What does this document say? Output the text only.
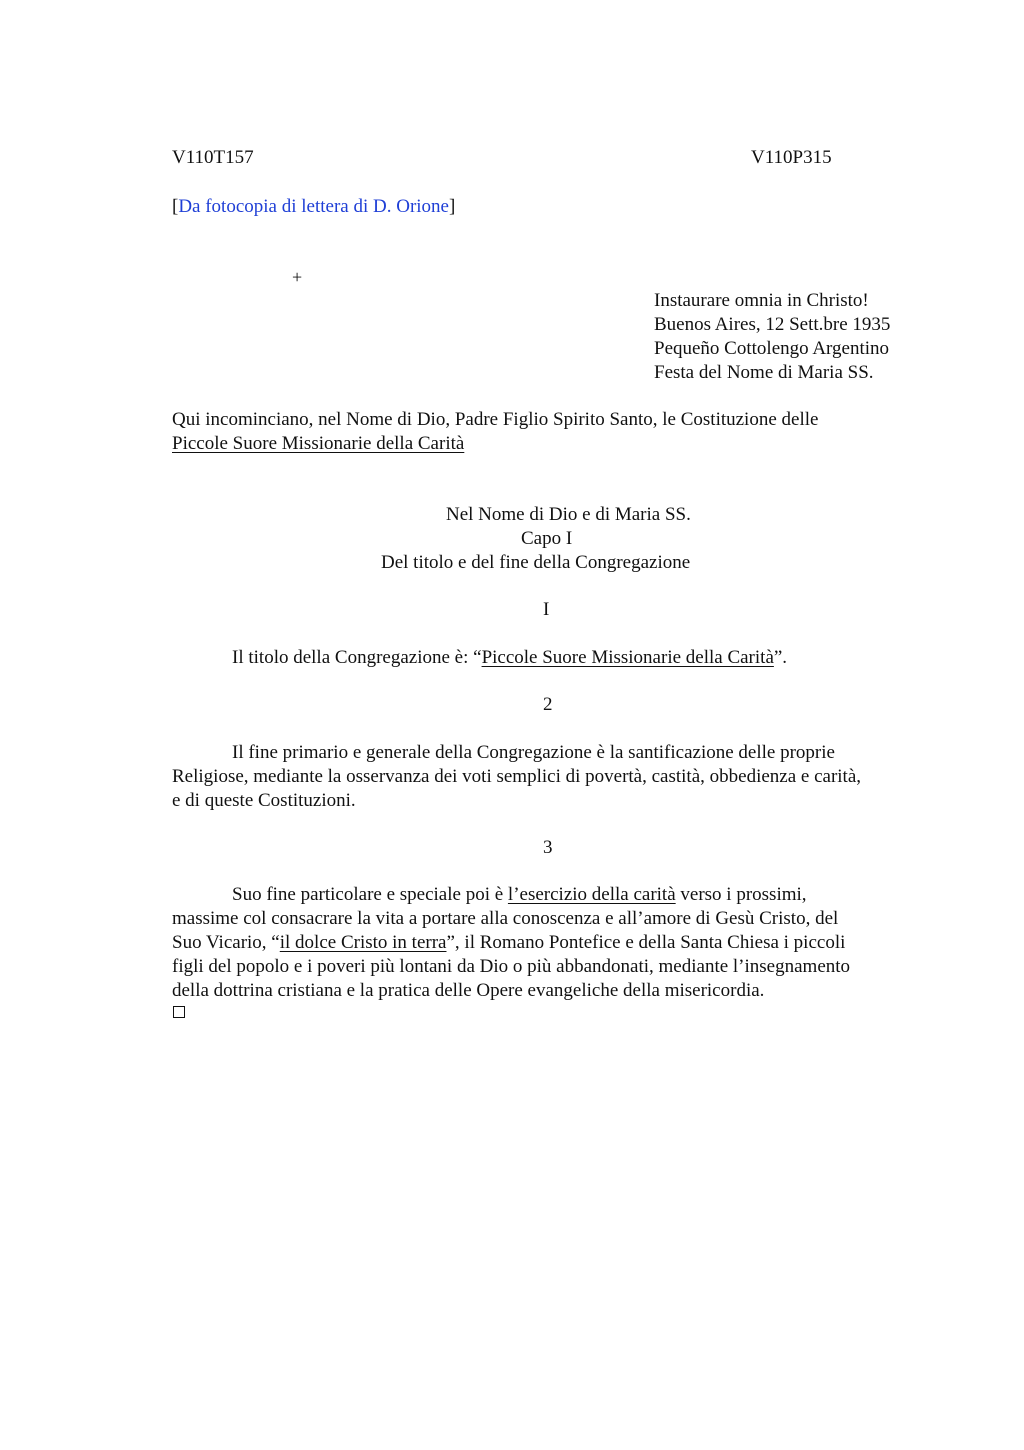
V110T157	V110P315
[Da fotocopia di lettera di D. Orione]
+
Instaurare omnia in Christo!
Buenos Aires, 12 Sett.bre 1935
Pequeño Cottolengo Argentino
Festa del Nome di Maria SS.
Qui incominciano, nel Nome di Dio, Padre Figlio Spirito Santo, le Costituzione delle
Piccole Suore Missionarie della Carità
Nel Nome di Dio e di Maria SS.
Capo I
Del titolo e del fine della Congregazione
I
Il titolo della Congregazione è: “Piccole Suore Missionarie della Carità”.
2
Il fine primario e generale della Congregazione è la santificazione delle proprie
Religiose, mediante la osservanza dei voti semplici di povertà, castità, obbedienza e carità,
e di queste Costituzioni.
3
Suo fine particolare e speciale poi è l’esercizio della carità verso i prossimi,
massime col consacrare la vita a portare alla conoscenza e all’amore di Gesù Cristo, del
Suo Vicario, “il dolce Cristo in terra”, il Romano Pontefice e della Santa Chiesa i piccoli
figli del popolo e i poveri più lontani da Dio o più abbandonati, mediante l’insegnamento
della dottrina cristiana e la pratica delle Opere evangeliche della misericordia.
